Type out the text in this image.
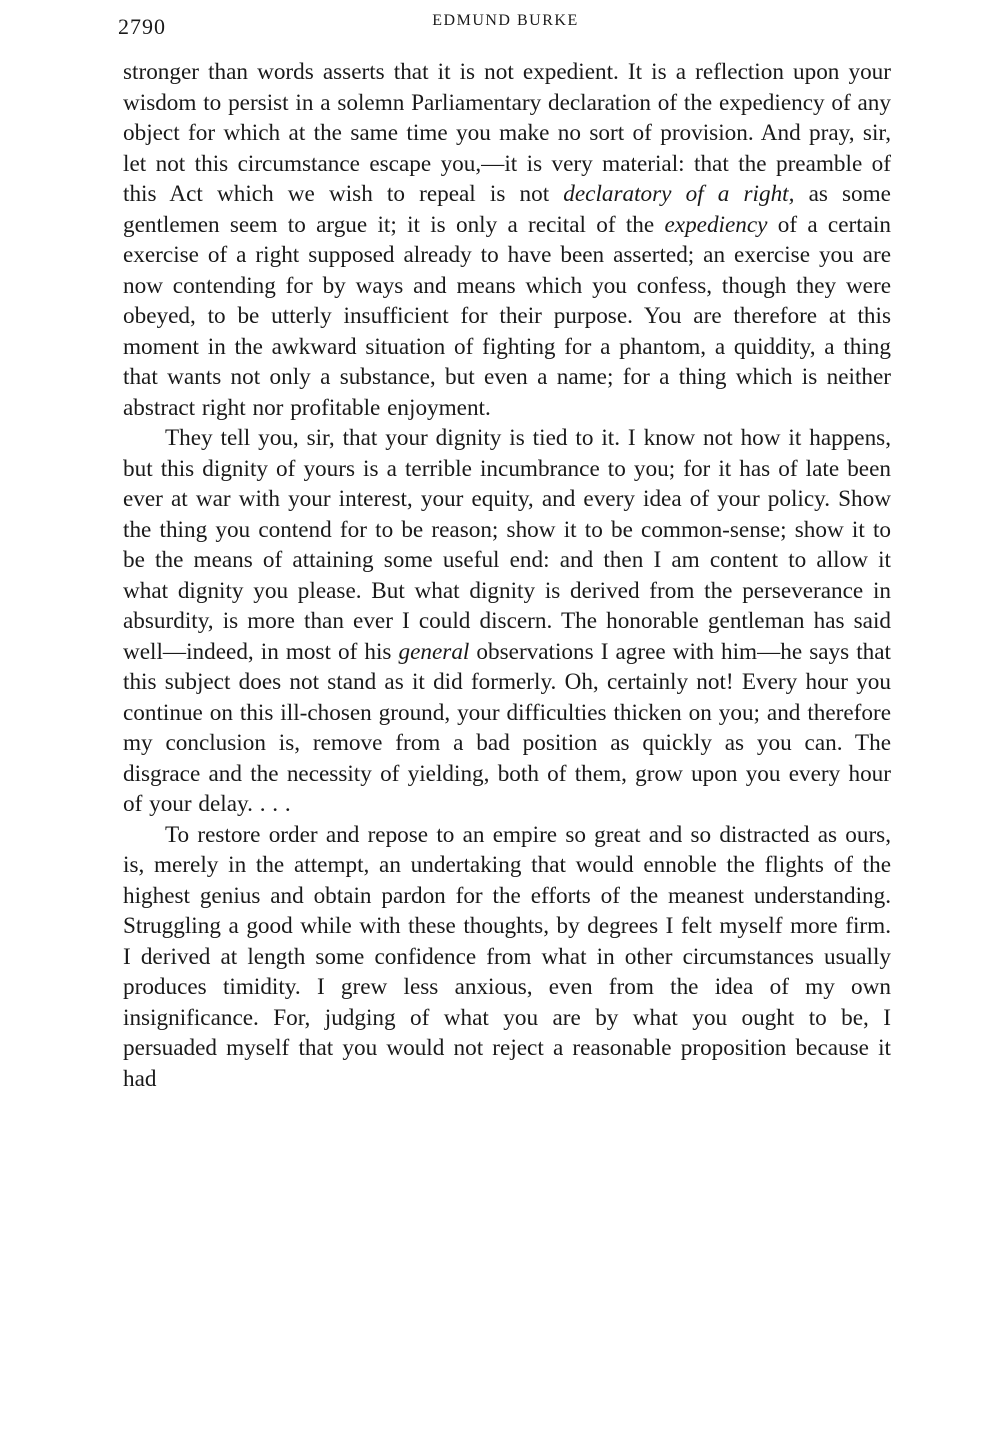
2790	EDMUND BURKE

stronger than words asserts that it is not expedient. It is a reflection upon your wisdom to persist in a solemn Parliamentary declaration of the expediency of any object for which at the same time you make no sort of provision. And pray, sir, let not this circumstance escape you,—it is very material: that the preamble of this Act which we wish to repeal is not declaratory of a right, as some gentlemen seem to argue it; it is only a recital of the expediency of a certain exercise of a right supposed already to have been asserted; an exercise you are now contending for by ways and means which you confess, though they were obeyed, to be utterly insufficient for their purpose. You are therefore at this moment in the awkward situation of fighting for a phantom, a quiddity, a thing that wants not only a substance, but even a name; for a thing which is neither abstract right nor profitable enjoyment.

They tell you, sir, that your dignity is tied to it. I know not how it happens, but this dignity of yours is a terrible incumbrance to you; for it has of late been ever at war with your interest, your equity, and every idea of your policy. Show the thing you contend for to be reason; show it to be common-sense; show it to be the means of attaining some useful end: and then I am content to allow it what dignity you please. But what dignity is derived from the perseverance in absurdity, is more than ever I could discern. The honorable gentleman has said well—indeed, in most of his general observations I agree with him—he says that this subject does not stand as it did formerly. Oh, certainly not! Every hour you continue on this ill-chosen ground, your difficulties thicken on you; and therefore my conclusion is, remove from a bad position as quickly as you can. The disgrace and the necessity of yielding, both of them, grow upon you every hour of your delay. . . .

To restore order and repose to an empire so great and so distracted as ours, is, merely in the attempt, an undertaking that would ennoble the flights of the highest genius and obtain pardon for the efforts of the meanest understanding. Struggling a good while with these thoughts, by degrees I felt myself more firm. I derived at length some confidence from what in other circumstances usually produces timidity. I grew less anxious, even from the idea of my own insignificance. For, judging of what you are by what you ought to be, I persuaded myself that you would not reject a reasonable proposition because it had
